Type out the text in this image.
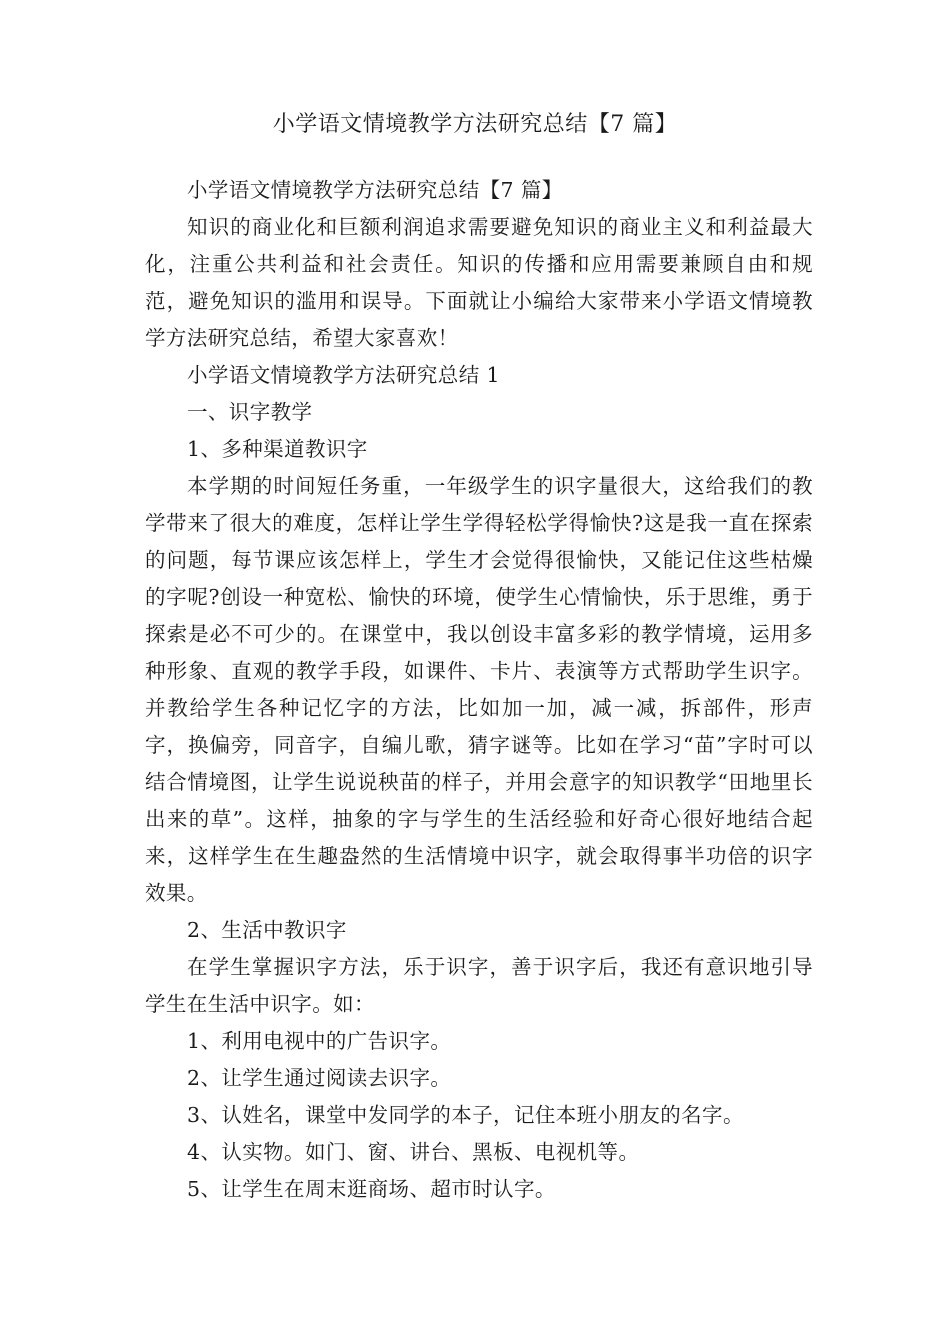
小学语文情境教学方法研究总结【7 篇】

小学语文情境教学方法研究总结【7 篇】

知识的商业化和巨额利润追求需要避免知识的商业主义和利益最大化，注重公共利益和社会责任。知识的传播和应用需要兼顾自由和规范，避免知识的滥用和误导。下面就让小编给大家带来小学语文情境教学方法研究总结，希望大家喜欢！

小学语文情境教学方法研究总结 1

一、识字教学

1、多种渠道教识字

本学期的时间短任务重，一年级学生的识字量很大，这给我们的教学带来了很大的难度，怎样让学生学得轻松学得愉快?这是我一直在探索的问题，每节课应该怎样上，学生才会觉得很愉快，又能记住这些枯燥的字呢?创设一种宽松、愉快的环境，使学生心情愉快，乐于思维，勇于探索是必不可少的。在课堂中，我以创设丰富多彩的教学情境，运用多种形象、直观的教学手段，如课件、卡片、表演等方式帮助学生识字。并教给学生各种记忆字的方法，比如加一加，减一减，拆部件，形声字，换偏旁，同音字，自编儿歌，猜字谜等。比如在学习“苗”字时可以结合情境图，让学生说说秧苗的样子，并用会意字的知识教学“田地里长出来的草”。这样，抽象的字与学生的生活经验和好奇心很好地结合起来，这样学生在生趣盎然的生活情境中识字，就会取得事半功倍的识字效果。

2、生活中教识字

在学生掌握识字方法，乐于识字，善于识字后，我还有意识地引导学生在生活中识字。如：

1、利用电视中的广告识字。

2、让学生通过阅读去识字。

3、认姓名，课堂中发同学的本子，记住本班小朋友的名字。

4、认实物。如门、窗、讲台、黑板、电视机等。

5、让学生在周末逛商场、超市时认字。
